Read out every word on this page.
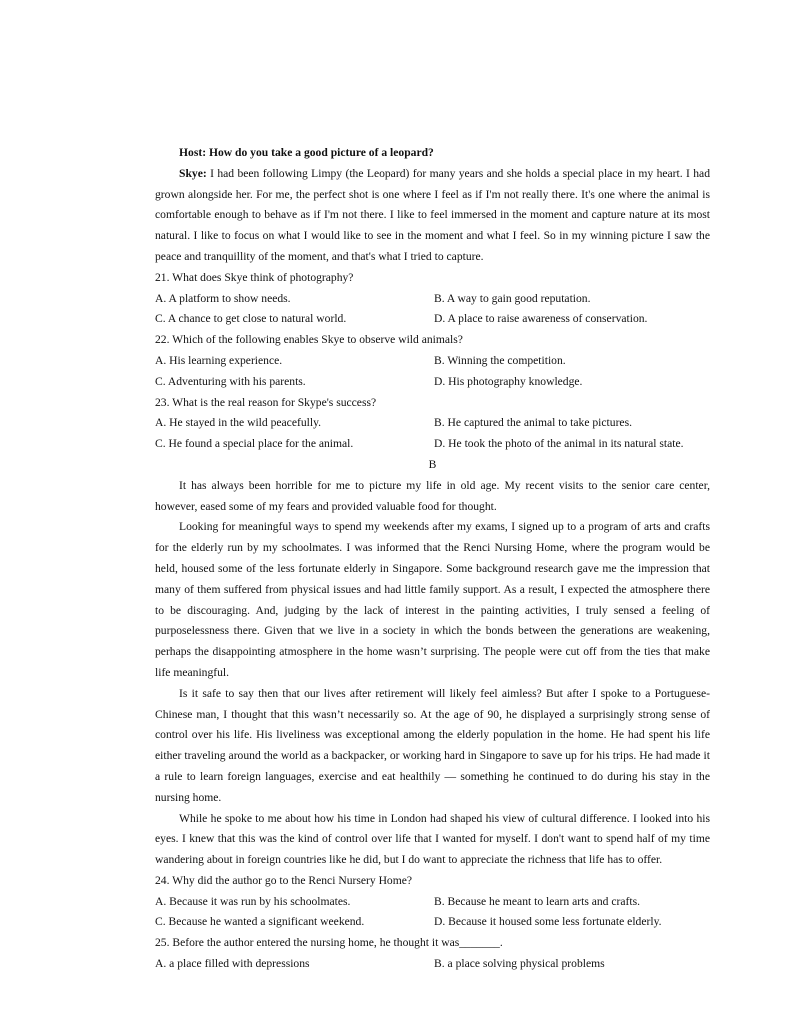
Host: How do you take a good picture of a leopard?

Skye: I had been following Limpy (the Leopard) for many years and she holds a special place in my heart. I had grown alongside her. For me, the perfect shot is one where I feel as if I'm not really there. It's one where the animal is comfortable enough to behave as if I'm not there. I like to feel immersed in the moment and capture nature at its most natural. I like to focus on what I would like to see in the moment and what I feel. So in my winning picture I saw the peace and tranquillity of the moment, and that's what I tried to capture.

21. What does Skye think of photography?

A. A platform to show needs.	B. A way to gain good reputation.
C. A chance to get close to natural world.	D. A place to raise awareness of conservation.

22. Which of the following enables Skye to observe wild animals?

A. His learning experience.	B. Winning the competition.
C. Adventuring with his parents.	D. His photography knowledge.

23. What is the real reason for Skype's success?

A. He stayed in the wild peacefully.	B. He captured the animal to take pictures.
C. He found a special place for the animal.	D. He took the photo of the animal in its natural state.

B

It has always been horrible for me to picture my life in old age. My recent visits to the senior care center, however, eased some of my fears and provided valuable food for thought.

Looking for meaningful ways to spend my weekends after my exams, I signed up to a program of arts and crafts for the elderly run by my schoolmates. I was informed that the Renci Nursing Home, where the program would be held, housed some of the less fortunate elderly in Singapore. Some background research gave me the impression that many of them suffered from physical issues and had little family support. As a result, I expected the atmosphere there to be discouraging. And, judging by the lack of interest in the painting activities, I truly sensed a feeling of purposelessness there. Given that we live in a society in which the bonds between the generations are weakening, perhaps the disappointing atmosphere in the home wasn’t surprising. The people were cut off from the ties that make life meaningful.

Is it safe to say then that our lives after retirement will likely feel aimless? But after I spoke to a Portuguese-Chinese man, I thought that this wasn’t necessarily so. At the age of 90, he displayed a surprisingly strong sense of control over his life. His liveliness was exceptional among the elderly population in the home. He had spent his life either traveling around the world as a backpacker, or working hard in Singapore to save up for his trips. He had made it a rule to learn foreign languages, exercise and eat healthily — something he continued to do during his stay in the nursing home.

While he spoke to me about how his time in London had shaped his view of cultural difference. I looked into his eyes. I knew that this was the kind of control over life that I wanted for myself. I don't want to spend half of my time wandering about in foreign countries like he did, but I do want to appreciate the richness that life has to offer.

24. Why did the author go to the Renci Nursery Home?

A. Because it was run by his schoolmates.	B. Because he meant to learn arts and crafts.
C. Because he wanted a significant weekend.	D. Because it housed some less fortunate elderly.

25. Before the author entered the nursing home, he thought it was_______.

A. a place filled with depressions	B. a place solving physical problems
